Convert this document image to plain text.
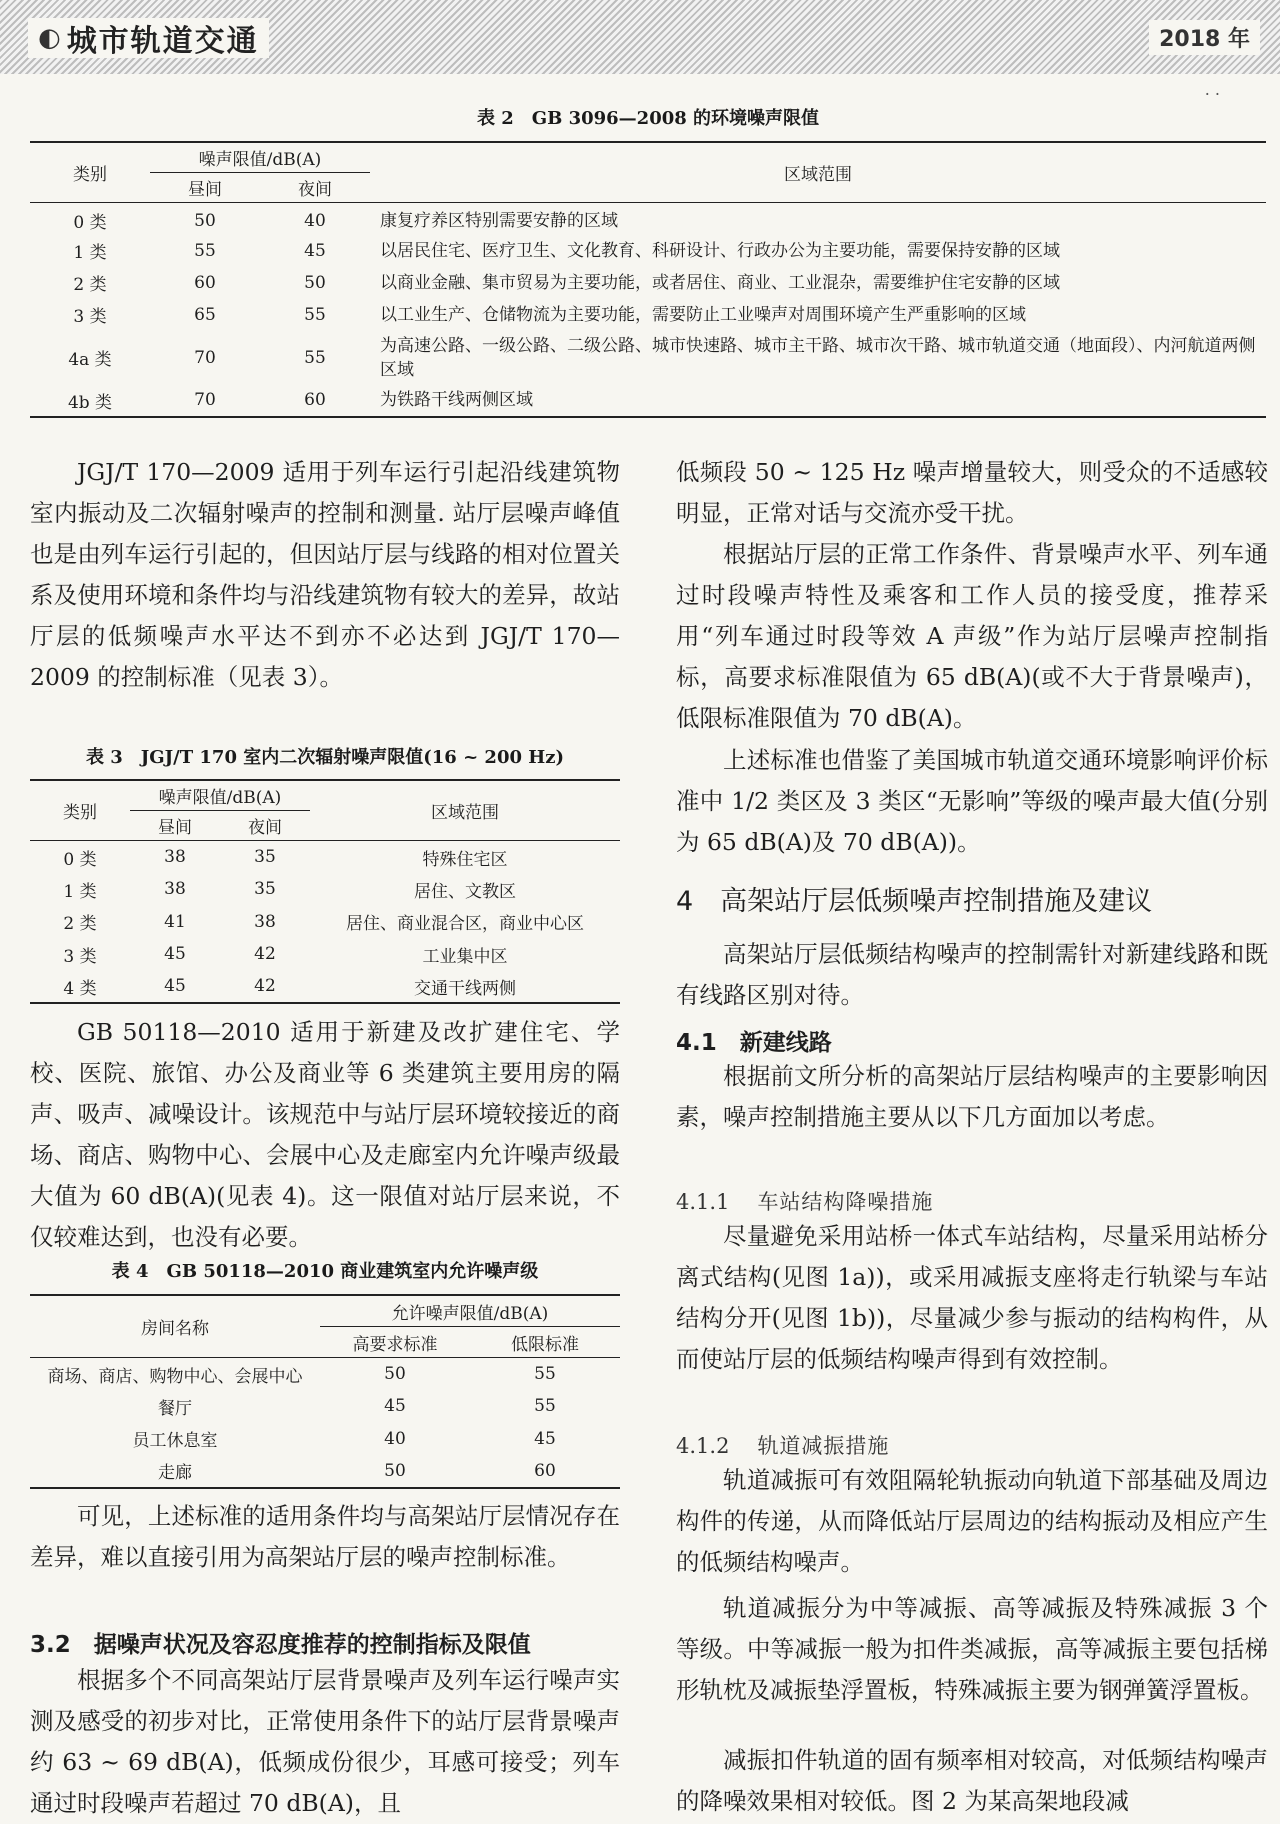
◐ 城市轨道交通	2018 年
. .
表 2　GB 3096—2008 的环境噪声限值
类别	噪声限值/dB(A)		区域范围
	昼间	夜间	
0 类	50	40	康复疗养区特别需要安静的区域
1 类	55	45	以居民住宅、医疗卫生、文化教育、科研设计、行政办公为主要功能，需要保持安静的区域
2 类	60	50	以商业金融、集市贸易为主要功能，或者居住、商业、工业混杂，需要维护住宅安静的区域
3 类	65	55	以工业生产、仓储物流为主要功能，需要防止工业噪声对周围环境产生严重影响的区域
4a 类	70	55	为高速公路、一级公路、二级公路、城市快速路、城市主干路、城市次干路、城市轨道交通（地面段）、内河航道两侧区域
4b 类	70	60	为铁路干线两侧区域
JGJ/T 170—2009 适用于列车运行引起沿线建筑物室内振动及二次辐射噪声的控制和测量. 站厅层噪声峰值也是由列车运行引起的，但因站厅层与线路的相对位置关系及使用环境和条件均与沿线建筑物有较大的差异，故站厅层的低频噪声水平达不到亦不必达到 JGJ/T 170—2009 的控制标准（见表 3）。
表 3　JGJ/T 170 室内二次辐射噪声限值(16 ~ 200 Hz)
类别	噪声限值/dB(A)		区域范围
	昼间	夜间	
0 类	38	35	特殊住宅区
1 类	38	35	居住、文教区
2 类	41	38	居住、商业混合区，商业中心区
3 类	45	42	工业集中区
4 类	45	42	交通干线两侧
GB 50118—2010 适用于新建及改扩建住宅、学校、医院、旅馆、办公及商业等 6 类建筑主要用房的隔声、吸声、减噪设计。该规范中与站厅层环境较接近的商场、商店、购物中心、会展中心及走廊室内允许噪声级最大值为 60 dB(A)(见表 4)。这一限值对站厅层来说，不仅较难达到，也没有必要。
表 4　GB 50118—2010 商业建筑室内允许噪声级
房间名称	允许噪声限值/dB(A)	
	高要求标准	低限标准
商场、商店、购物中心、会展中心	50	55
餐厅	45	55
员工休息室	40	45
走廊	50	60
可见，上述标准的适用条件均与高架站厅层情况存在差异，难以直接引用为高架站厅层的噪声控制标准。
3.2　据噪声状况及容忍度推荐的控制指标及限值
根据多个不同高架站厅层背景噪声及列车运行噪声实测及感受的初步对比，正常使用条件下的站厅层背景噪声约 63 ~ 69 dB(A)，低频成份很少，耳感可接受；列车通过时段噪声若超过 70 dB(A)，且
低频段 50 ~ 125 Hz 噪声增量较大，则受众的不适感较明显，正常对话与交流亦受干扰。
根据站厅层的正常工作条件、背景噪声水平、列车通过时段噪声特性及乘客和工作人员的接受度，推荐采用“列车通过时段等效 A 声级”作为站厅层噪声控制指标，高要求标准限值为 65 dB(A)(或不大于背景噪声)，低限标准限值为 70 dB(A)。
上述标准也借鉴了美国城市轨道交通环境影响评价标准中 1/2 类区及 3 类区“无影响”等级的噪声最大值(分别为 65 dB(A)及 70 dB(A))。
4　高架站厅层低频噪声控制措施及建议
高架站厅层低频结构噪声的控制需针对新建线路和既有线路区别对待。
4.1　新建线路
根据前文所分析的高架站厅层结构噪声的主要影响因素，噪声控制措施主要从以下几方面加以考虑。
4.1.1 车站结构降噪措施
尽量避免采用站桥一体式车站结构，尽量采用站桥分离式结构(见图 1a))，或采用减振支座将走行轨梁与车站结构分开(见图 1b))，尽量减少参与振动的结构构件，从而使站厅层的低频结构噪声得到有效控制。
4.1.2 轨道减振措施
轨道减振可有效阻隔轮轨振动向轨道下部基础及周边构件的传递，从而降低站厅层周边的结构振动及相应产生的低频结构噪声。
轨道减振分为中等减振、高等减振及特殊减振 3 个等级。中等减振一般为扣件类减振，高等减振主要包括梯形轨枕及减振垫浮置板，特殊减振主要为钢弹簧浮置板。
减振扣件轨道的固有频率相对较高，对低频结构噪声的降噪效果相对较低。图 2 为某高架地段减
